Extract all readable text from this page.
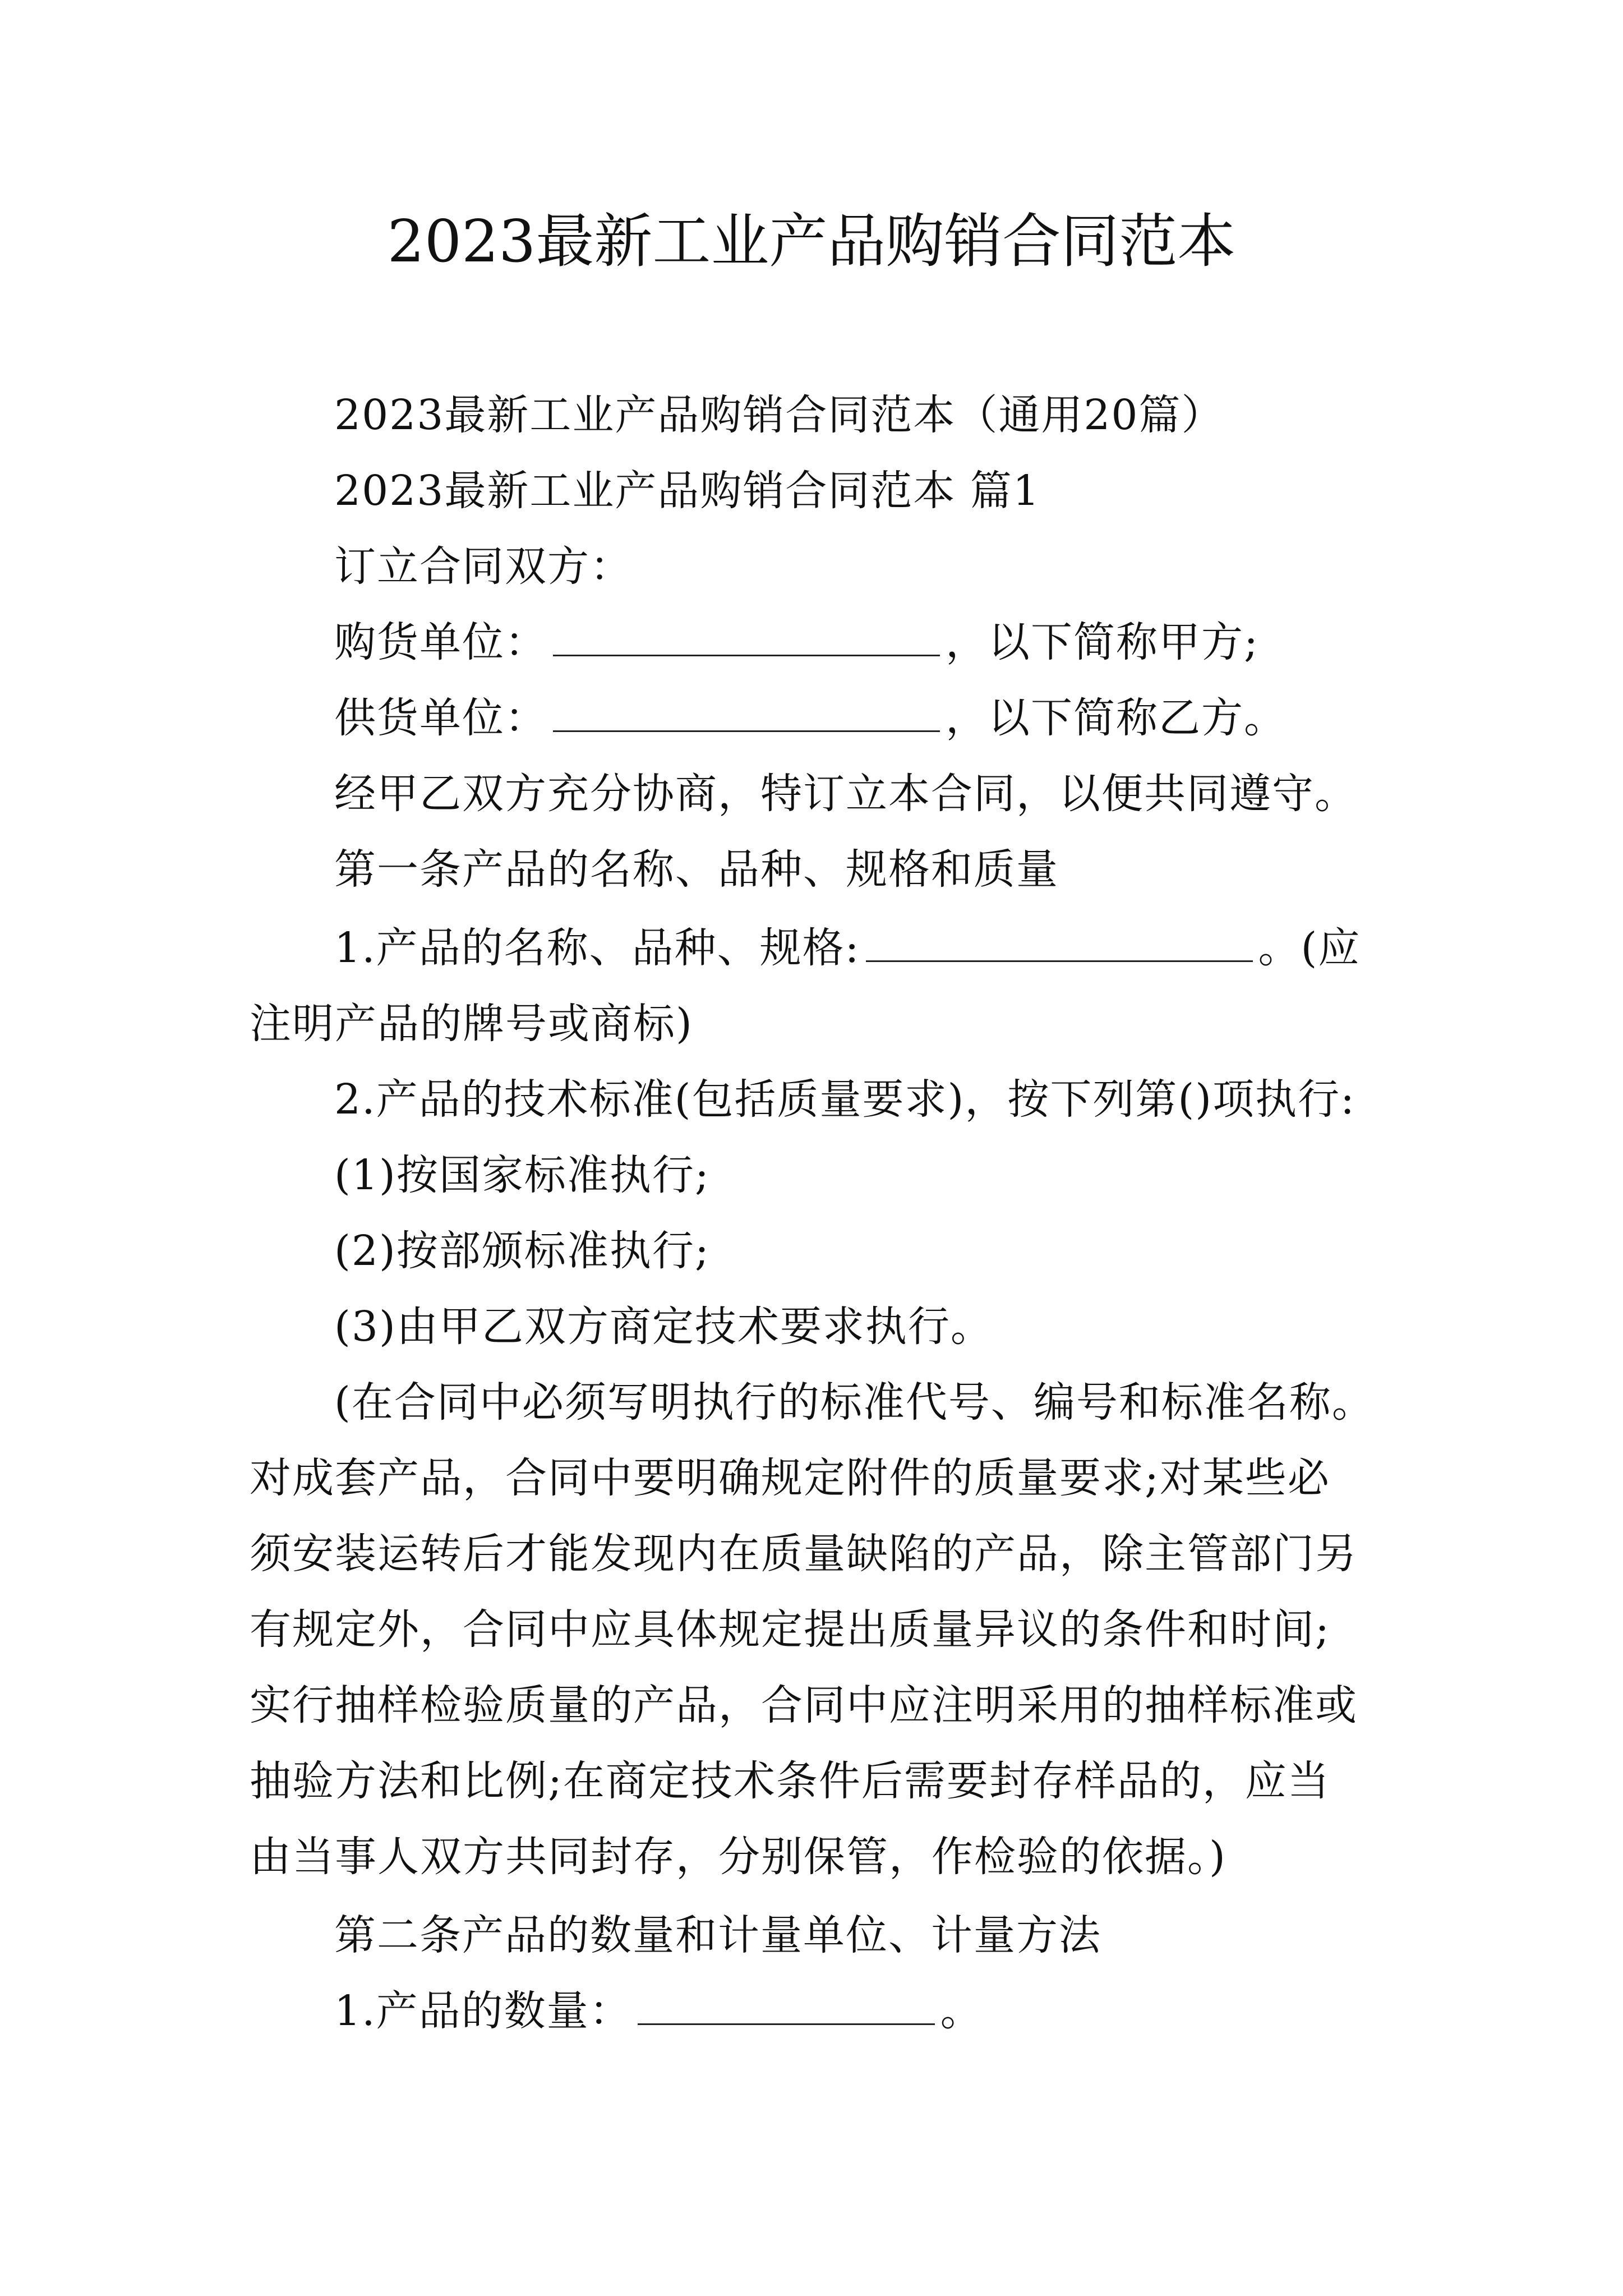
2023最新工业产品购销合同范本
2023最新工业产品购销合同范本（通用20篇）
2023最新工业产品购销合同范本 篇1
订立合同双方：
购货单位：	，以下简称甲方;
供货单位：	，以下简称乙方。
经甲乙双方充分协商，特订立本合同，以便共同遵守。
第一条产品的名称、品种、规格和质量
1.产品的名称、品种、规格:	。(应
注明产品的牌号或商标)
2.产品的技术标准(包括质量要求)，按下列第()项执行:
(1)按国家标准执行;
(2)按部颁标准执行;
(3)由甲乙双方商定技术要求执行。
(在合同中必须写明执行的标准代号、编号和标准名称。
对成套产品，合同中要明确规定附件的质量要求;对某些必
须安装运转后才能发现内在质量缺陷的产品，除主管部门另
有规定外，合同中应具体规定提出质量异议的条件和时间;
实行抽样检验质量的产品，合同中应注明采用的抽样标准或
抽验方法和比例;在商定技术条件后需要封存样品的，应当
由当事人双方共同封存，分别保管，作检验的依据。)
第二条产品的数量和计量单位、计量方法
1.产品的数量：	。
